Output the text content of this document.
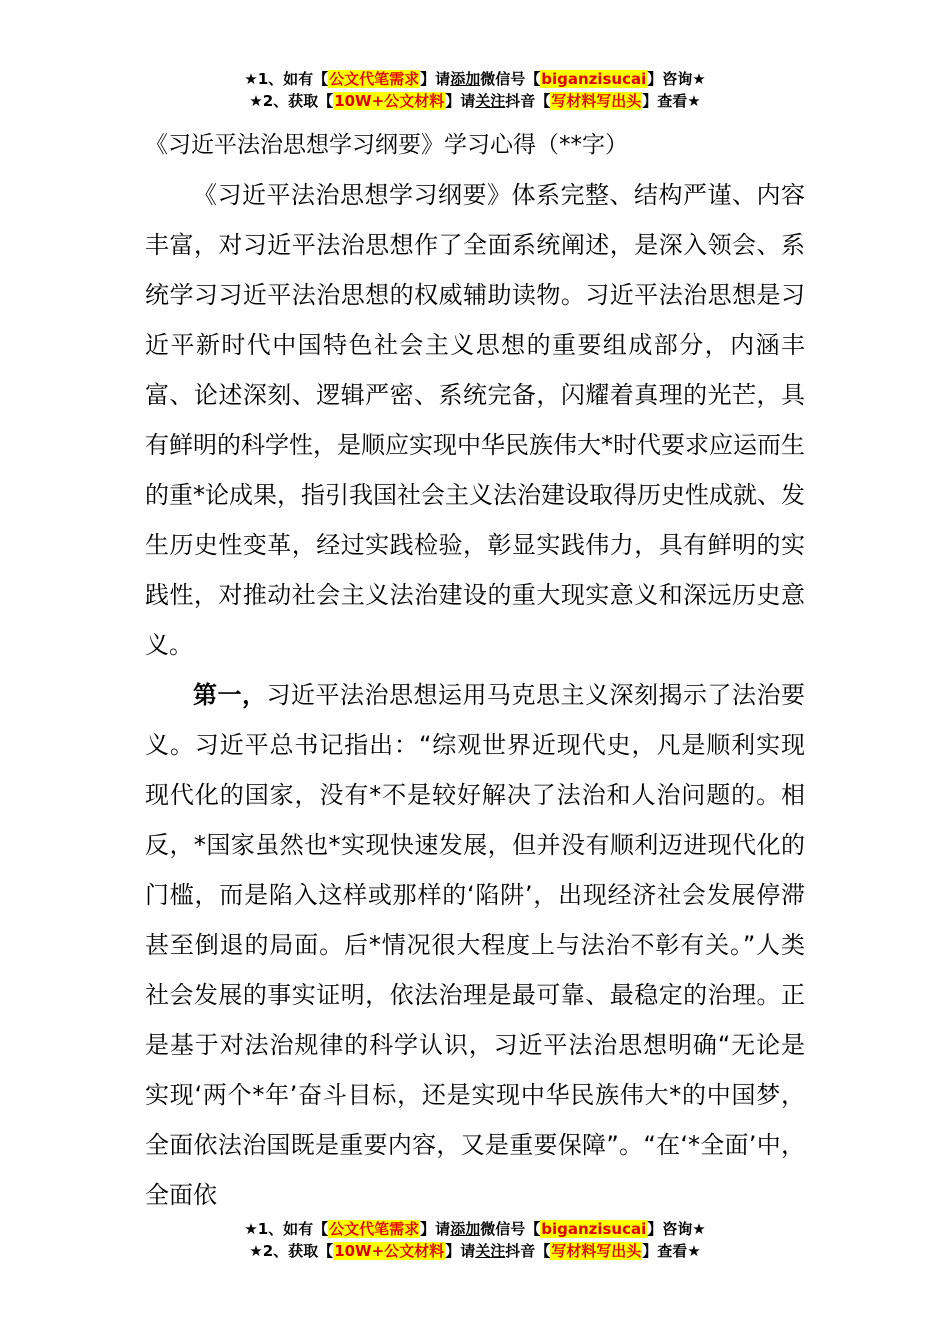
★1、如有【公文代笔需求】请添加微信号【biganzisucai】咨询★
★2、获取【10W+公文材料】请关注抖音【写材料写出头】查看★
《习近平法治思想学习纲要》学习心得（**字）

《习近平法治思想学习纲要》体系完整、结构严谨、内容丰富，对习近平法治思想作了全面系统阐述，是深入领会、系统学习习近平法治思想的权威辅助读物。习近平法治思想是习近平新时代中国特色社会主义思想的重要组成部分，内涵丰富、论述深刻、逻辑严密、系统完备，闪耀着真理的光芒，具有鲜明的科学性，是顺应实现中华民族伟大*时代要求应运而生的重*论成果，指引我国社会主义法治建设取得历史性成就、发生历史性变革，经过实践检验，彰显实践伟力，具有鲜明的实践性，对推动社会主义法治建设的重大现实意义和深远历史意义。

第一，习近平法治思想运用马克思主义深刻揭示了法治要义。习近平总书记指出：“综观世界近现代史，凡是顺利实现现代化的国家，没有*不是较好解决了法治和人治问题的。相反，*国家虽然也*实现快速发展，但并没有顺利迈进现代化的门槛，而是陷入这样或那样的‘陷阱’，出现经济社会发展停滞甚至倒退的局面。后*情况很大程度上与法治不彰有关。”人类社会发展的事实证明，依法治理是最可靠、最稳定的治理。正是基于对法治规律的科学认识，习近平法治思想明确“无论是实现‘两个*年’奋斗目标，还是实现中华民族伟大*的中国梦，全面依法治国既是重要内容，又是重要保障”。“在‘*全面’中，全面依

★1、如有【公文代笔需求】请添加微信号【biganzisucai】咨询★
★2、获取【10W+公文材料】请关注抖音【写材料写出头】查看★
